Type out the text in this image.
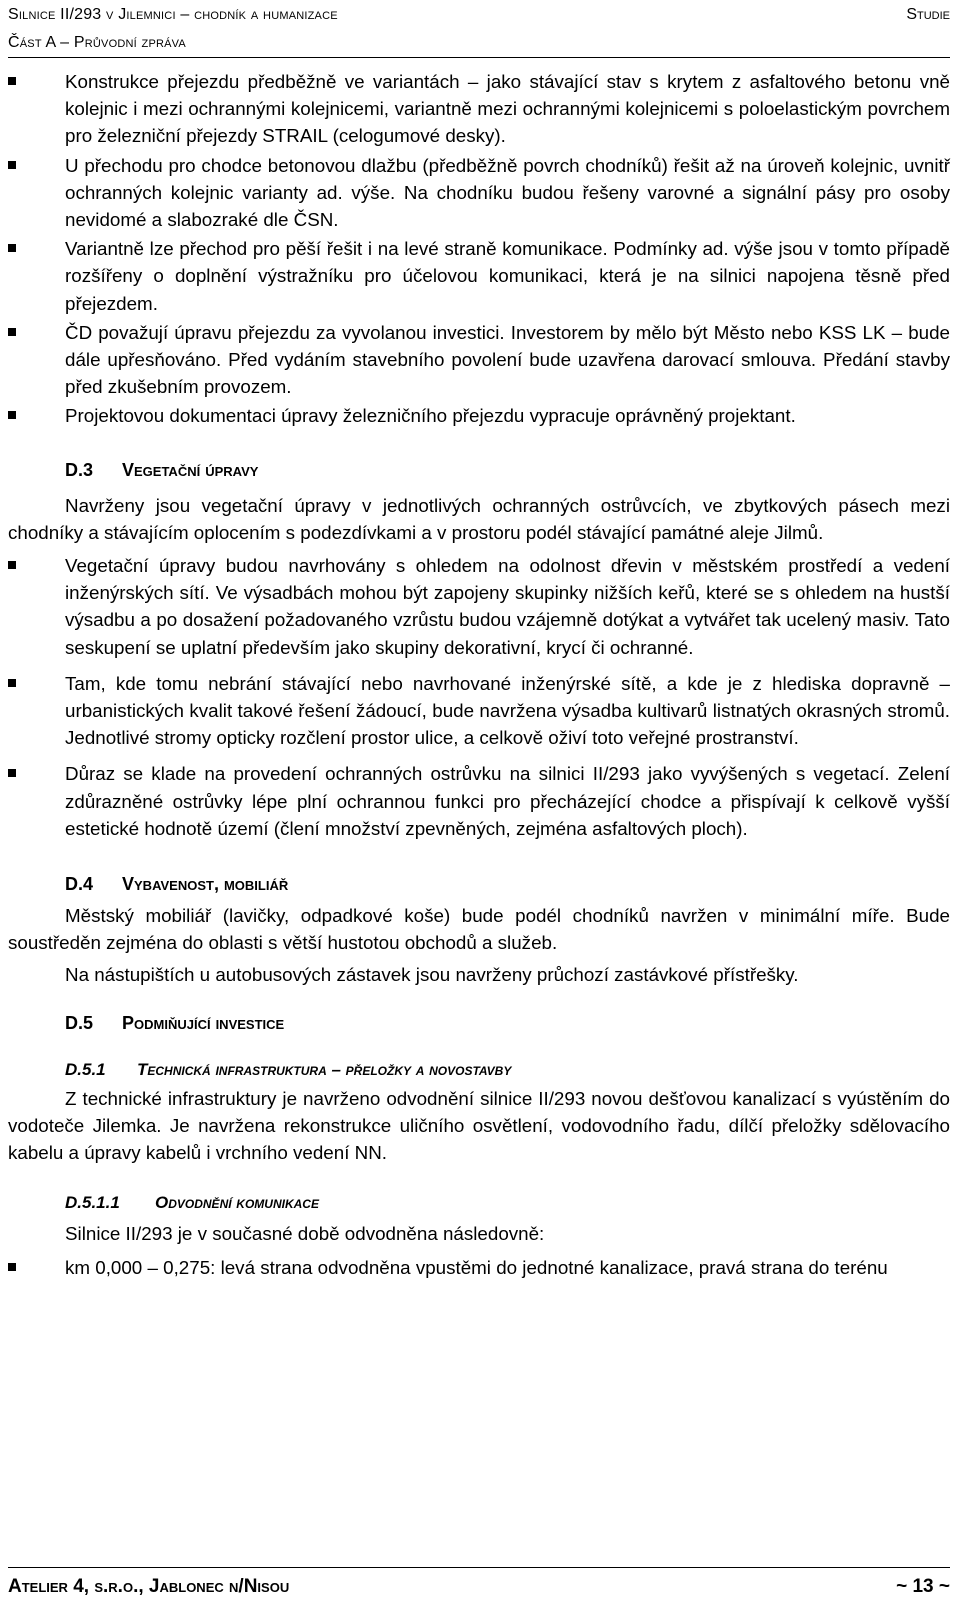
Silnice II/293 v Jilemnici – chodník a humanizace	Studie
Část A – Průvodní zpráva
Konstrukce přejezdu předběžně ve variantách – jako stávající stav s krytem z asfaltového betonu vně kolejnic i mezi ochrannými kolejnicemi, variantně mezi ochrannými kolejnicemi s poloelastickým povrchem pro železniční přejezdy STRAIL (celogumové desky).
U přechodu pro chodce betonovou dlažbu (předběžně povrch chodníků) řešit až na úroveň kolejnic, uvnitř ochranných kolejnic varianty ad. výše. Na chodníku budou řešeny varovné a signální pásy pro osoby nevidomé a slabozraké dle ČSN.
Variantně lze přechod pro pěší řešit i na levé straně komunikace. Podmínky ad. výše jsou v tomto případě rozšířeny o doplnění výstražníku pro účelovou komunikaci, která je na silnici napojena těsně před přejezdem.
ČD považují úpravu přejezdu za vyvolanou investici. Investorem by mělo být Město nebo KSS LK – bude dále upřesňováno. Před vydáním stavebního povolení bude uzavřena darovací smlouva. Předání stavby před zkušebním provozem.
Projektovou dokumentaci úpravy železničního přejezdu vypracuje oprávněný projektant.
D.3 Vegetační úpravy

Navrženy jsou vegetační úpravy v jednotlivých ochranných ostrůvcích, ve zbytkových pásech mezi chodníky a stávajícím oplocením s podezdívkami a v prostoru podél stávající památné aleje Jilmů.

Vegetační úpravy budou navrhovány s ohledem na odolnost dřevin v městském prostředí a vedení inženýrských sítí. Ve výsadbách mohou být zapojeny skupinky nižších keřů, které se s ohledem na hustší výsadbu a po dosažení požadovaného vzrůstu budou vzájemně dotýkat a vytvářet tak ucelený masiv. Tato seskupení se uplatní především jako skupiny dekorativní, krycí či ochranné.
Tam, kde tomu nebrání stávající nebo navrhované inženýrské sítě, a kde je z hlediska dopravně – urbanistických kvalit takové řešení žádoucí, bude navržena výsadba kultivarů listnatých okrasných stromů. Jednotlivé stromy opticky rozčlení prostor ulice, a celkově oživí toto veřejné prostranství.
Důraz se klade na provedení ochranných ostrůvku na silnici II/293 jako vyvýšených s vegetací. Zelení zdůrazněné ostrůvky lépe plní ochrannou funkci pro přecházející chodce a přispívají k celkově vyšší estetické hodnotě území (člení množství zpevněných, zejména asfaltových ploch).
D.4 Vybavenost, mobiliář

Městský mobiliář (lavičky, odpadkové koše) bude podél chodníků navržen v minimální míře. Bude soustředěn zejména do oblasti s větší hustotou obchodů a služeb.

Na nástupištích u autobusových zástavek jsou navrženy průchozí zastávkové přístřešky.

D.5 Podmiňující investice
D.5.1 Technická infrastruktura – přeložky a novostavby

Z technické infrastruktury je navrženo odvodnění silnice II/293 novou dešťovou kanalizací s vyústěním do vodoteče Jilemka. Je navržena rekonstrukce uličního osvětlení, vodovodního řadu, dílčí přeložky sdělovacího kabelu a úpravy kabelů i vrchního vedení NN.

D.5.1.1 Odvodnění komunikace

Silnice II/293 je v současné době odvodněna následovně:

km 0,000 – 0,275: levá strana odvodněna vpustěmi do jednotné kanalizace, pravá strana do terénu
Atelier 4, s.r.o., Jablonec n/Nisou	~ 13 ~
